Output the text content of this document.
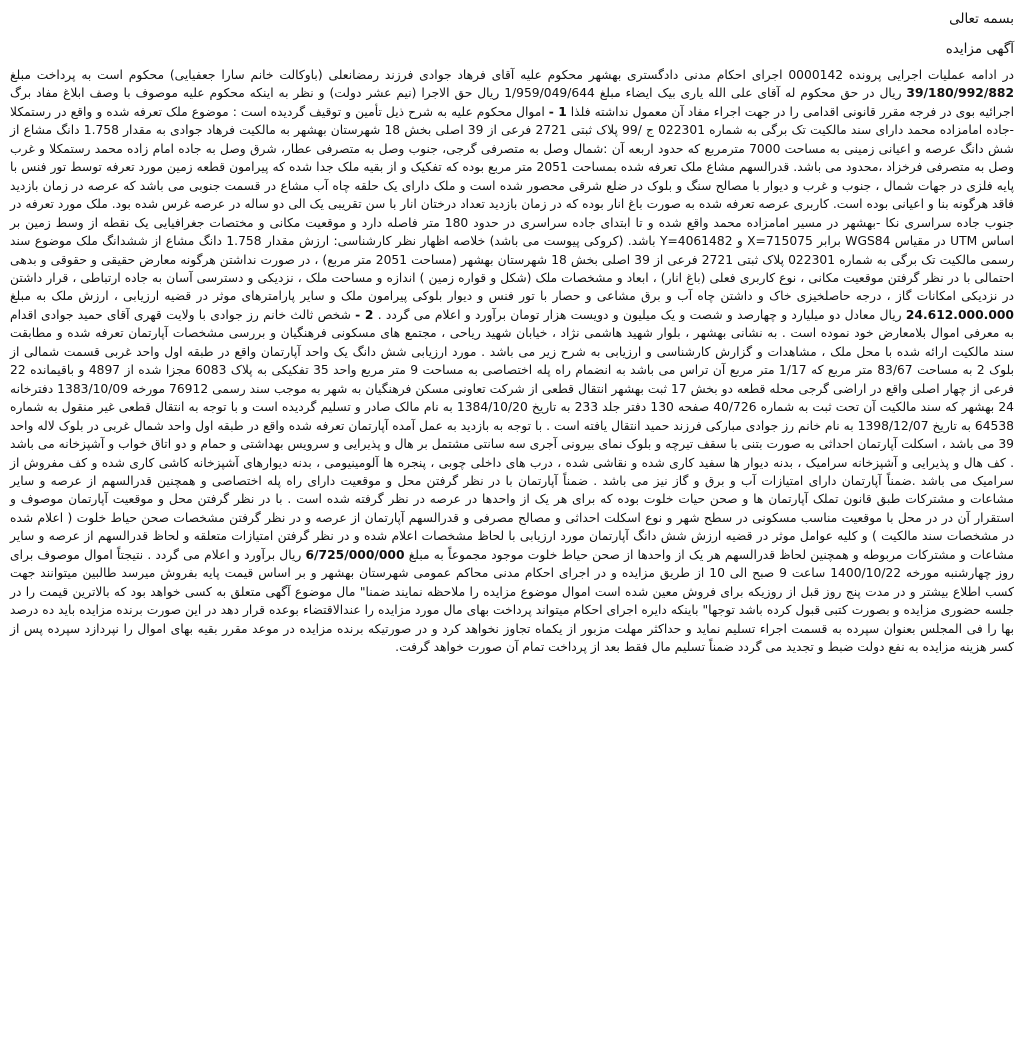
بسمه تعالی

آگهی مزایده

در ادامه عملیات اجرایی پرونده 0000142 اجرای احکام مدنی دادگستری بهشهر محکوم علیه آقای فرهاد جوادی فرزند رمضانعلی (باوکالت خانم سارا جعفیایی) محکوم است به پرداخت مبلغ 39/180/992/882 ریال در حق محکوم له آقای علی الله یاری بیک ایضاء مبلغ 1/959/049/644 ریال حق الاجرا (نیم عشر دولت) و نظر به اینکه محکوم علیه موصوف با وصف ابلاغ مفاد برگ اجرائیه بوی در فرجه مقرر قانونی اقدامی را در جهت اجراء مفاد آن معمول نداشته فلذا 1 - اموال محکوم علیه به شرح ذیل تأمین و توقیف گردیده است : موضوع ملک تعرفه شده و واقع در رستمکلا -جاده امامزاده محمد دارای سند مالکیت تک برگی به شماره 022301 ج /99 پلاک ثبتی 2721 فرعی از 39 اصلی بخش 18 شهرستان بهشهر به مالکیت فرهاد جوادی به مقدار 1.758 دانگ مشاع از شش دانگ عرصه و اعیانی زمینی به مساحت 7000 مترمربع که حدود اربعه آن :شمال وصل به متصرفی گرجی، جنوب وصل به متصرفی عطار، شرق وصل به جاده امام زاده محمد رستمکلا و غرب وصل به متصرفی فرخزاد ،محدود می باشد. قدرالسهم مشاع ملک تعرفه شده بمساحت 2051 متر مربع بوده که تفکیک و از بقیه ملک جدا شده که پیرامون قطعه زمین مورد تعرفه توسط تور فنس با پایه فلزی در جهات شمال ، جنوب و غرب و دیوار با مصالح سنگ و بلوک در ضلع شرقی محصور شده است و ملک دارای یک حلقه چاه آب مشاع در قسمت جنوبی می باشد که عرصه در زمان بازدید فاقد هرگونه بنا و اعیانی بوده است. کاربری عرصه تعرفه شده به صورت باغ انار بوده که در زمان بازدید تعداد درختان انار با سن تقریبی یک الی دو ساله در عرصه غرس شده بود. ملک مورد تعرفه در جنوب جاده سراسری نکا -بهشهر در مسیر امامزاده محمد واقع شده و تا ابتدای جاده سراسری در حدود 180 متر فاصله دارد و موقعیت مکانی و مختصات جغرافیایی یک نقطه از وسط زمین بر اساس UTM در مقیاس WGS84 برابر X=715075 و Y=4061482 باشد. (کروکی پیوست می باشد) خلاصه اظهار نظر کارشناسی: ارزش مقدار 1.758 دانگ مشاع از ششدانگ ملک موضوع سند رسمی مالکیت تک برگی به شماره 022301 پلاک ثبتی 2721 فرعی از 39 اصلی بخش 18 شهرستان بهشهر (مساحت 2051 متر مربع) ، در صورت نداشتن هرگونه معارض حقیقی و حقوقی و بدهی احتمالی با در نظر گرفتن موقعیت مکانی ، نوع کاربری فعلی (باغ انار) ، ابعاد و مشخصات ملک (شکل و قواره زمین ) اندازه و مساحت ملک ، نزدیکی و دسترسی آسان به جاده ارتباطی ، قرار داشتن در نزدیکی امکانات گاز ، درجه حاصلخیزی خاک و داشتن چاه آب و برق مشاعی و حصار با تور فنس و دیوار بلوکی پیرامون ملک و سایر پارامترهای موثر در قضیه ارزیابی ، ارزش ملک به مبلغ 24.612.000.000 ریال معادل دو میلیارد و چهارصد و شصت و یک میلیون و دویست هزار تومان برآورد و اعلام می گردد . 2 - شخص ثالث خانم رز جوادی با ولایت قهری آقای حمید جوادی اقدام به معرفی اموال بلامعارض خود نموده است . به نشانی بهشهر ، بلوار شهید هاشمی نژاد ، خیابان شهید ریاحی ، مجتمع های مسکونی فرهنگیان و بررسی مشخصات آپارتمان تعرفه شده و مطابقت سند مالکیت ارائه شده با محل ملک ، مشاهدات و گزارش کارشناسی و ارزیابی به شرح زیر می باشد . مورد ارزیابی شش دانگ یک واحد آپارتمان واقع در طبقه اول واحد غربی قسمت شمالی از بلوک 2 به مساحت 83/67 متر مربع که 1/17 متر مربع آن تراس می باشد به انضمام راه پله اختصاصی به مساحت 9 متر مربع واحد 35 تفکیکی به پلاک 6083 مجزا شده از 4897 و باقیمانده 22 فرعی از چهار اصلی واقع در اراضی گرجی محله قطعه دو بخش 17 ثبت بهشهر انتقال قطعی از شرکت تعاونی مسکن فرهنگیان به شهر به موجب سند رسمی 76912 مورخه 1383/10/09 دفترخانه 24 بهشهر که سند مالکیت آن تحت ثبت به شماره 40/726 صفحه 130 دفتر جلد 233 به تاریخ 1384/10/20 به نام مالک صادر و تسلیم گردیده است و با توجه به انتقال قطعی غیر منقول به شماره 64538 به تاریخ 1398/12/07 به نام خانم رز جوادی مبارکی فرزند حمید انتقال یافته است . با توجه به بازدید به عمل آمده آپارتمان تعرفه شده واقع در طبقه اول واحد شمال غربی در بلوک لاله واحد 39 می باشد ، اسکلت آپارتمان احداثی به صورت بتنی با سقف تیرچه و بلوک نمای بیرونی آجری سه سانتی مشتمل بر هال و پذیرایی و سرویس بهداشتی و حمام و دو اتاق خواب و آشپزخانه می باشد . کف هال و پذیرایی و آشپزخانه سرامیک ، بدنه دیوار ها سفید کاری شده و نقاشی شده ، درب های داخلی چوبی ، پنجره ها آلومینیومی ، بدنه دیوارهای آشپزخانه کاشی کاری شده و کف مفروش از سرامیک می باشد .ضمناً آپارتمان دارای امتیازات آب و برق و گاز نیز می باشد . ضمناً آپارتمان با در نظر گرفتن محل و موقعیت دارای راه پله اختصاصی و همچنین قدرالسهم از عرصه و سایر مشاعات و مشترکات طبق قانون تملک آپارتمان ها و صحن حیات خلوت بوده که برای هر یک از واحدها در عرصه در نظر گرفته شده است . با در نظر گرفتن محل و موقعیت آپارتمان موصوف و استقرار آن در در محل با موقعیت مناسب مسکونی در سطح شهر و نوع اسکلت احداثی و مصالح مصرفی و قدرالسهم آپارتمان از عرصه و در نظر گرفتن مشخصات صحن حیاط خلوت ( اعلام شده در مشخصات سند مالکیت ) و کلیه عوامل موثر در قضیه ارزش شش دانگ آپارتمان مورد ارزیابی با لحاظ مشخصات اعلام شده و در نظر گرفتن امتیازات متعلقه و لحاظ قدرالسهم از عرصه و سایر مشاعات و مشترکات مربوطه و همچنین لحاظ قدرالسهم هر یک از واحدها از صحن حیاط خلوت موجود مجموعاً به مبلغ 6/725/000/000 ریال برآورد و اعلام می گردد . نتیجتاً اموال موصوف برای روز چهارشنبه مورخه 1400/10/22 ساعت 9 صبح الی 10 از طریق مزایده و در اجرای احکام مدنی محاکم عمومی شهرستان بهشهر و بر اساس قیمت پایه بفروش میرسد طالبین میتوانند جهت کسب اطلاع بیشتر و در مدت پنج روز قبل از روزیکه برای فروش معین شده است اموال موضوع مزایده را ملاحظه نمایند ضمنا" مال موضوع آگهی متعلق به کسی خواهد بود که بالاترین قیمت را در جلسه حضوری مزایده و بصورت کتبی قبول کرده باشد توجها" باینکه دایره اجرای احکام میتواند پرداخت بهای مال مورد مزایده را عندالاقتضاء بوعده قرار دهد در این صورت برنده مزایده باید ده درصد بها را فی المجلس بعنوان سپرده به قسمت اجراء تسلیم نماید و حداکثر مهلت مزبور از یکماه تجاوز نخواهد کرد و در صورتیکه برنده مزایده در موعد مقرر بقیه بهای اموال را نپردازد سپرده پس از کسر هزینه مزایده به نفع دولت ضبط و تجدید می گردد ضمناً تسلیم مال فقط بعد از پرداخت تمام آن صورت خواهد گرفت.
